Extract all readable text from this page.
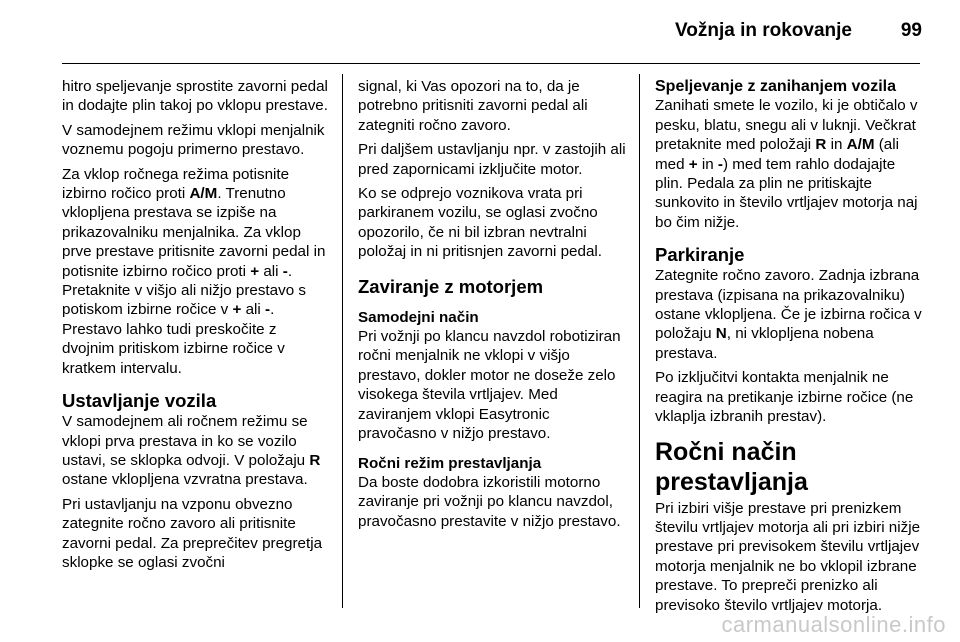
Vožnja in rokovanje	99

hitro speljevanje sprostite zavorni pedal in dodajte plin takoj po vklopu prestave.

V samodejnem režimu vklopi menjalnik voznemu pogoju primerno prestavo.

Za vklop ročnega režima potisnite izbirno ročico proti A/M. Trenutno vklopljena prestava se izpiše na prikazovalniku menjalnika. Za vklop prve prestave pritisnite zavorni pedal in potisnite izbirno ročico proti + ali -. Pretaknite v višjo ali nižjo prestavo s potiskom izbirne ročice v + ali -. Prestavo lahko tudi preskočite z dvojnim pritiskom izbirne ročice v kratkem intervalu.

Ustavljanje vozila

V samodejnem ali ročnem režimu se vklopi prva prestava in ko se vozilo ustavi, se sklopka odvoji. V položaju R ostane vklopljena vzvratna prestava.

Pri ustavljanju na vzponu obvezno zategnite ročno zavoro ali pritisnite zavorni pedal. Za preprečitev pregretja sklopke se oglasi zvočni

signal, ki Vas opozori na to, da je potrebno pritisniti zavorni pedal ali zategniti ročno zavoro.

Pri daljšem ustavljanju npr. v zastojih ali pred zapornicami izključite motor.

Ko se odprejo voznikova vrata pri parkiranem vozilu, se oglasi zvočno opozorilo, če ni bil izbran nevtralni položaj in ni pritisnjen zavorni pedal.

Zaviranje z motorjem
Samodejni način

Pri vožnji po klancu navzdol robotiziran ročni menjalnik ne vklopi v višjo prestavo, dokler motor ne doseže zelo visokega števila vrtljajev. Med zaviranjem vklopi Easytronic pravočasno v nižjo prestavo.

Ročni režim prestavljanja

Da boste dodobra izkoristili motorno zaviranje pri vožnji po klancu navzdol, pravočasno prestavite v nižjo prestavo.

Speljevanje z zanihanjem vozila

Zanihati smete le vozilo, ki je obtičalo v pesku, blatu, snegu ali v luknji. Večkrat pretaknite med položaji R in A/M (ali med + in -) med tem rahlo dodajajte plin. Pedala za plin ne pritiskajte sunkovito in število vrtljajev motorja naj bo čim nižje.

Parkiranje

Zategnite ročno zavoro. Zadnja izbrana prestava (izpisana na prikazovalniku) ostane vklopljena. Če je izbirna ročica v položaju N, ni vklopljena nobena prestava.

Po izključitvi kontakta menjalnik ne reagira na pretikanje izbirne ročice (ne vklaplja izbranih prestav).

Ročni način prestavljanja

Pri izbiri višje prestave pri prenizkem številu vrtljajev motorja ali pri izbiri nižje prestave pri previsokem številu vrtljajev motorja menjalnik ne bo vklopil izbrane prestave. To prepreči prenizko ali previsoko število vrtljajev motorja.

carmanualsonline.info
